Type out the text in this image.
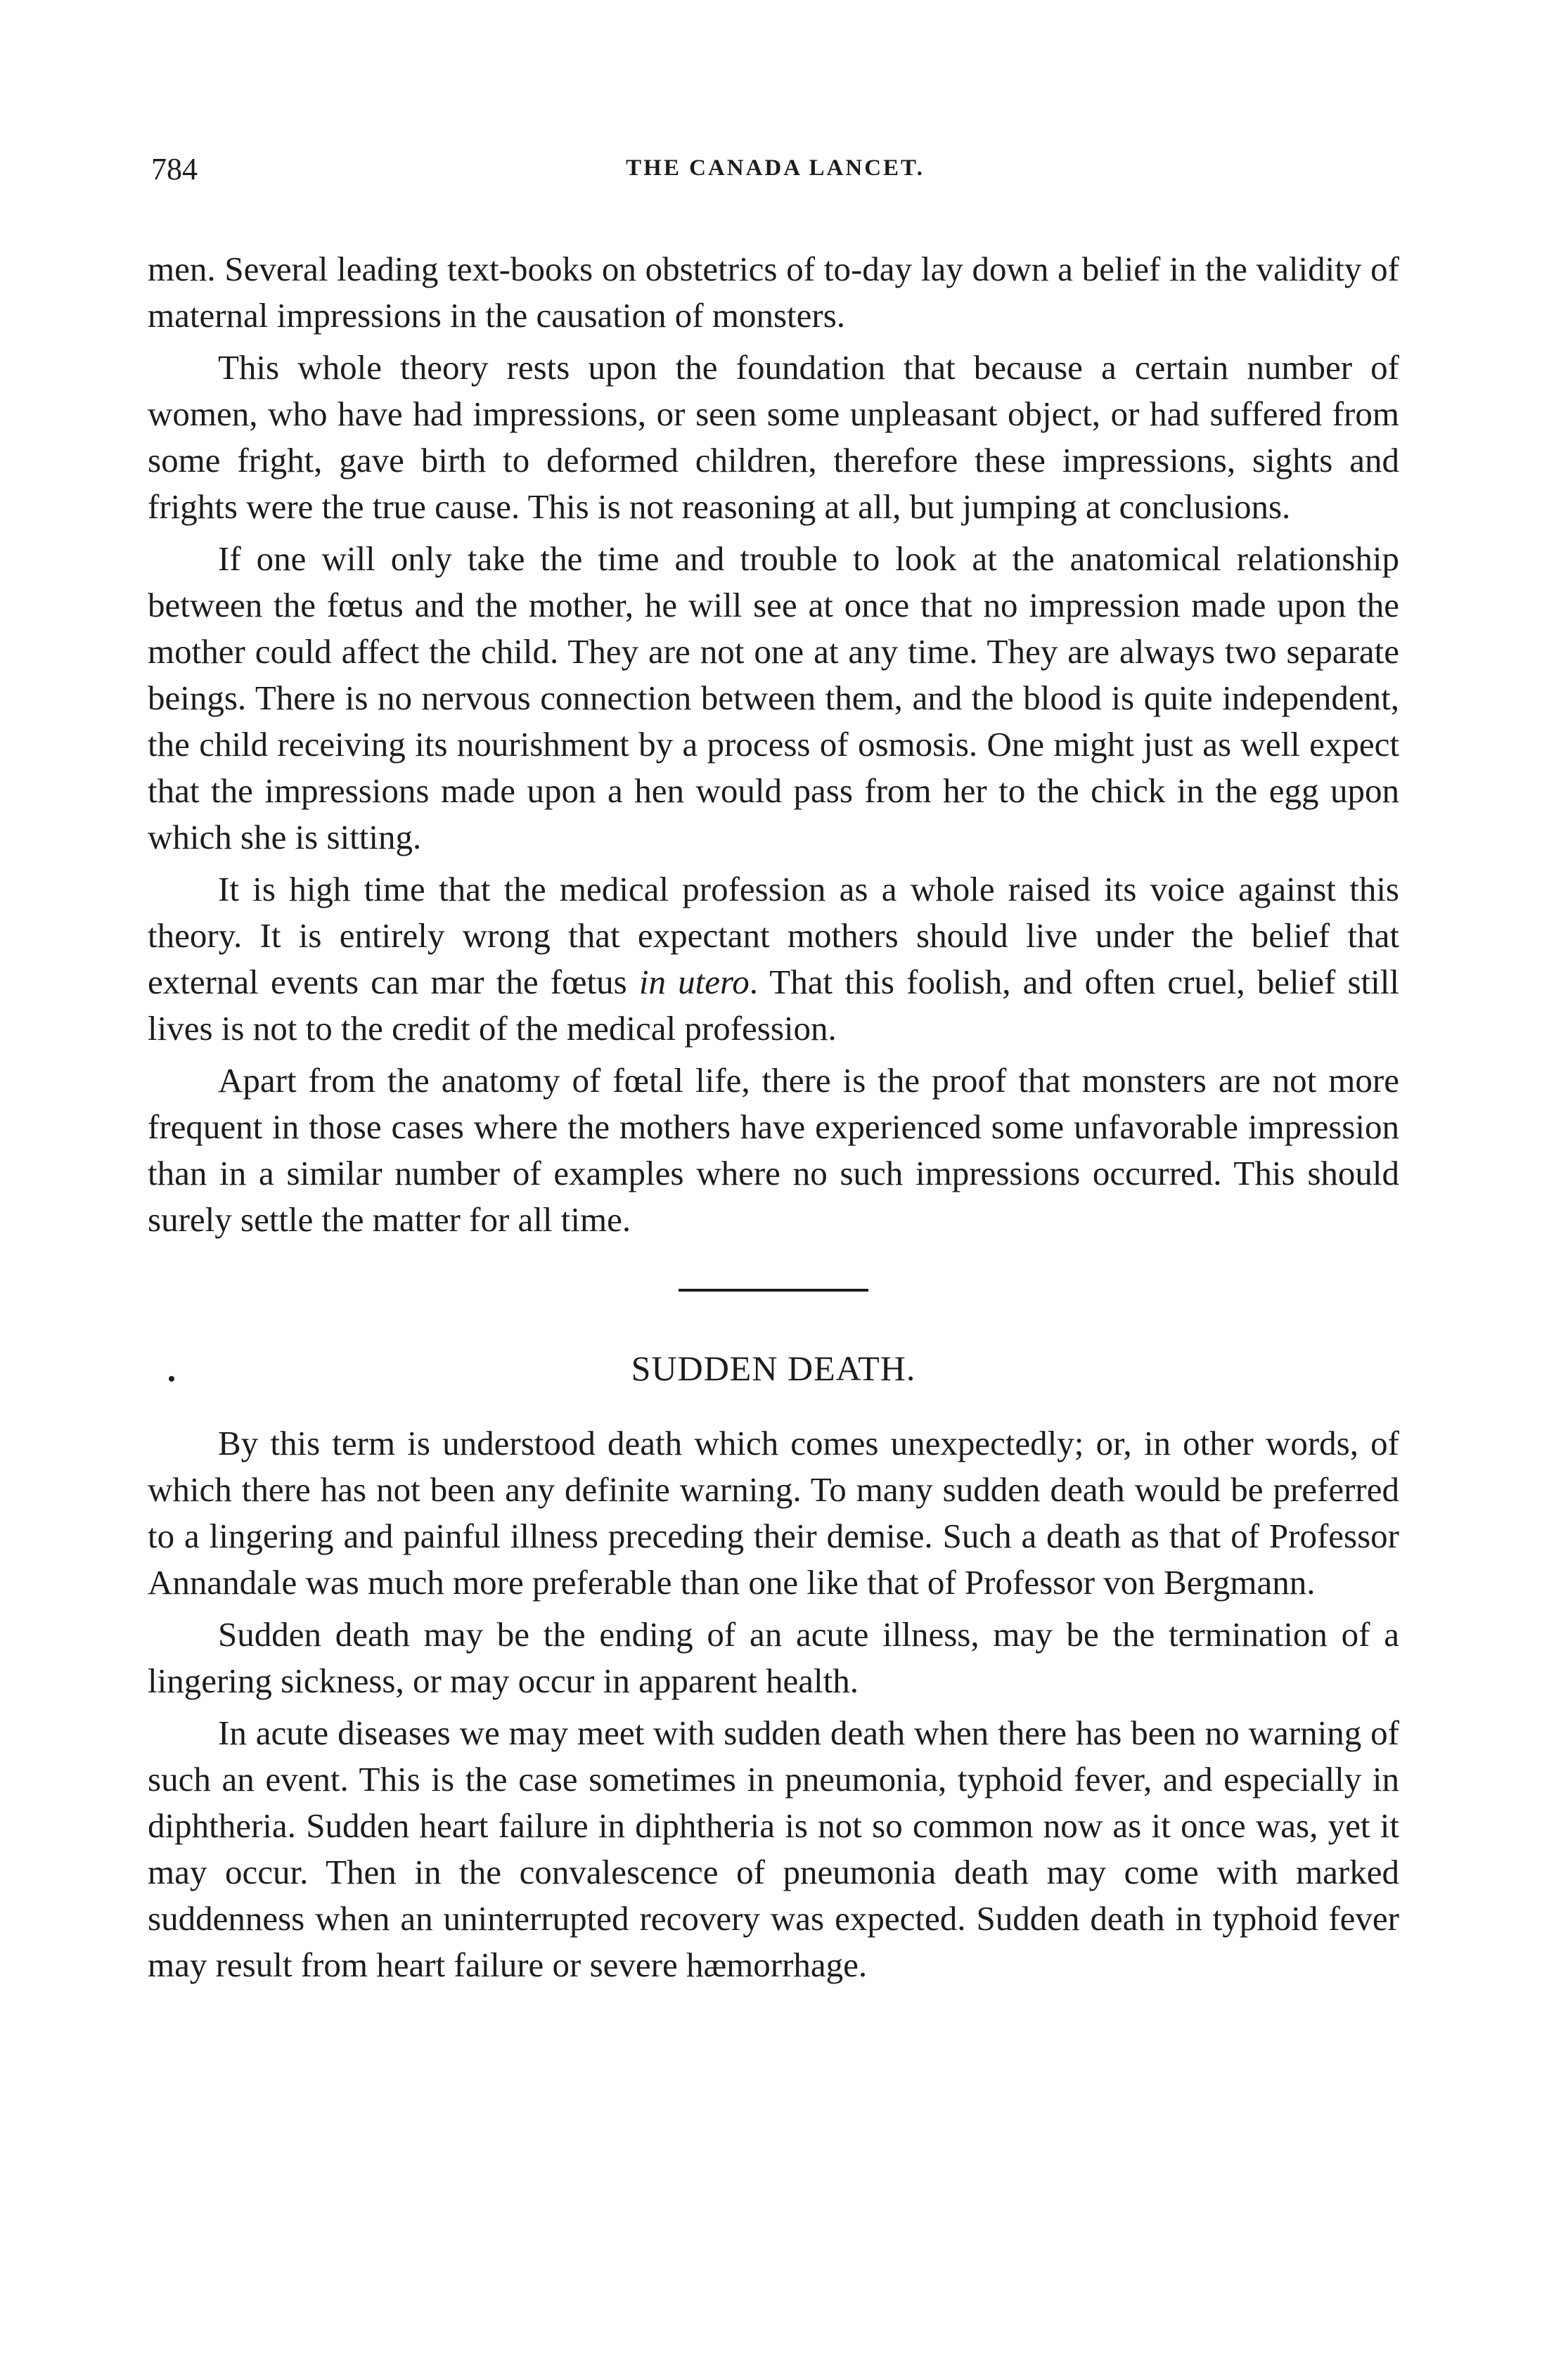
784	THE CANADA LANCET.

men. Several leading text-books on obstetrics of to-day lay down a belief in the validity of maternal impressions in the causation of monsters.

This whole theory rests upon the foundation that because a certain number of women, who have had impressions, or seen some unpleasant object, or had suffered from some fright, gave birth to deformed children, therefore these impressions, sights and frights were the true cause. This is not reasoning at all, but jumping at conclusions.

If one will only take the time and trouble to look at the anatomical relationship between the fœtus and the mother, he will see at once that no impression made upon the mother could affect the child. They are not one at any time. They are always two separate beings. There is no nervous connection between them, and the blood is quite independent, the child receiving its nourishment by a process of osmosis. One might just as well expect that the impressions made upon a hen would pass from her to the chick in the egg upon which she is sitting.

It is high time that the medical profession as a whole raised its voice against this theory. It is entirely wrong that expectant mothers should live under the belief that external events can mar the fœtus in utero. That this foolish, and often cruel, belief still lives is not to the credit of the medical profession.

Apart from the anatomy of fœtal life, there is the proof that monsters are not more frequent in those cases where the mothers have experienced some unfavorable impression than in a similar number of examples where no such impressions occurred. This should surely settle the matter for all time.

SUDDEN DEATH.

By this term is understood death which comes unexpectedly; or, in other words, of which there has not been any definite warning. To many sudden death would be preferred to a lingering and painful illness preceding their demise. Such a death as that of Professor Annandale was much more preferable than one like that of Professor von Bergmann.

Sudden death may be the ending of an acute illness, may be the termination of a lingering sickness, or may occur in apparent health.

In acute diseases we may meet with sudden death when there has been no warning of such an event. This is the case sometimes in pneumonia, typhoid fever, and especially in diphtheria. Sudden heart failure in diphtheria is not so common now as it once was, yet it may occur. Then in the convalescence of pneumonia death may come with marked suddenness when an uninterrupted recovery was expected. Sudden death in typhoid fever may result from heart failure or severe hæmorrhage.
